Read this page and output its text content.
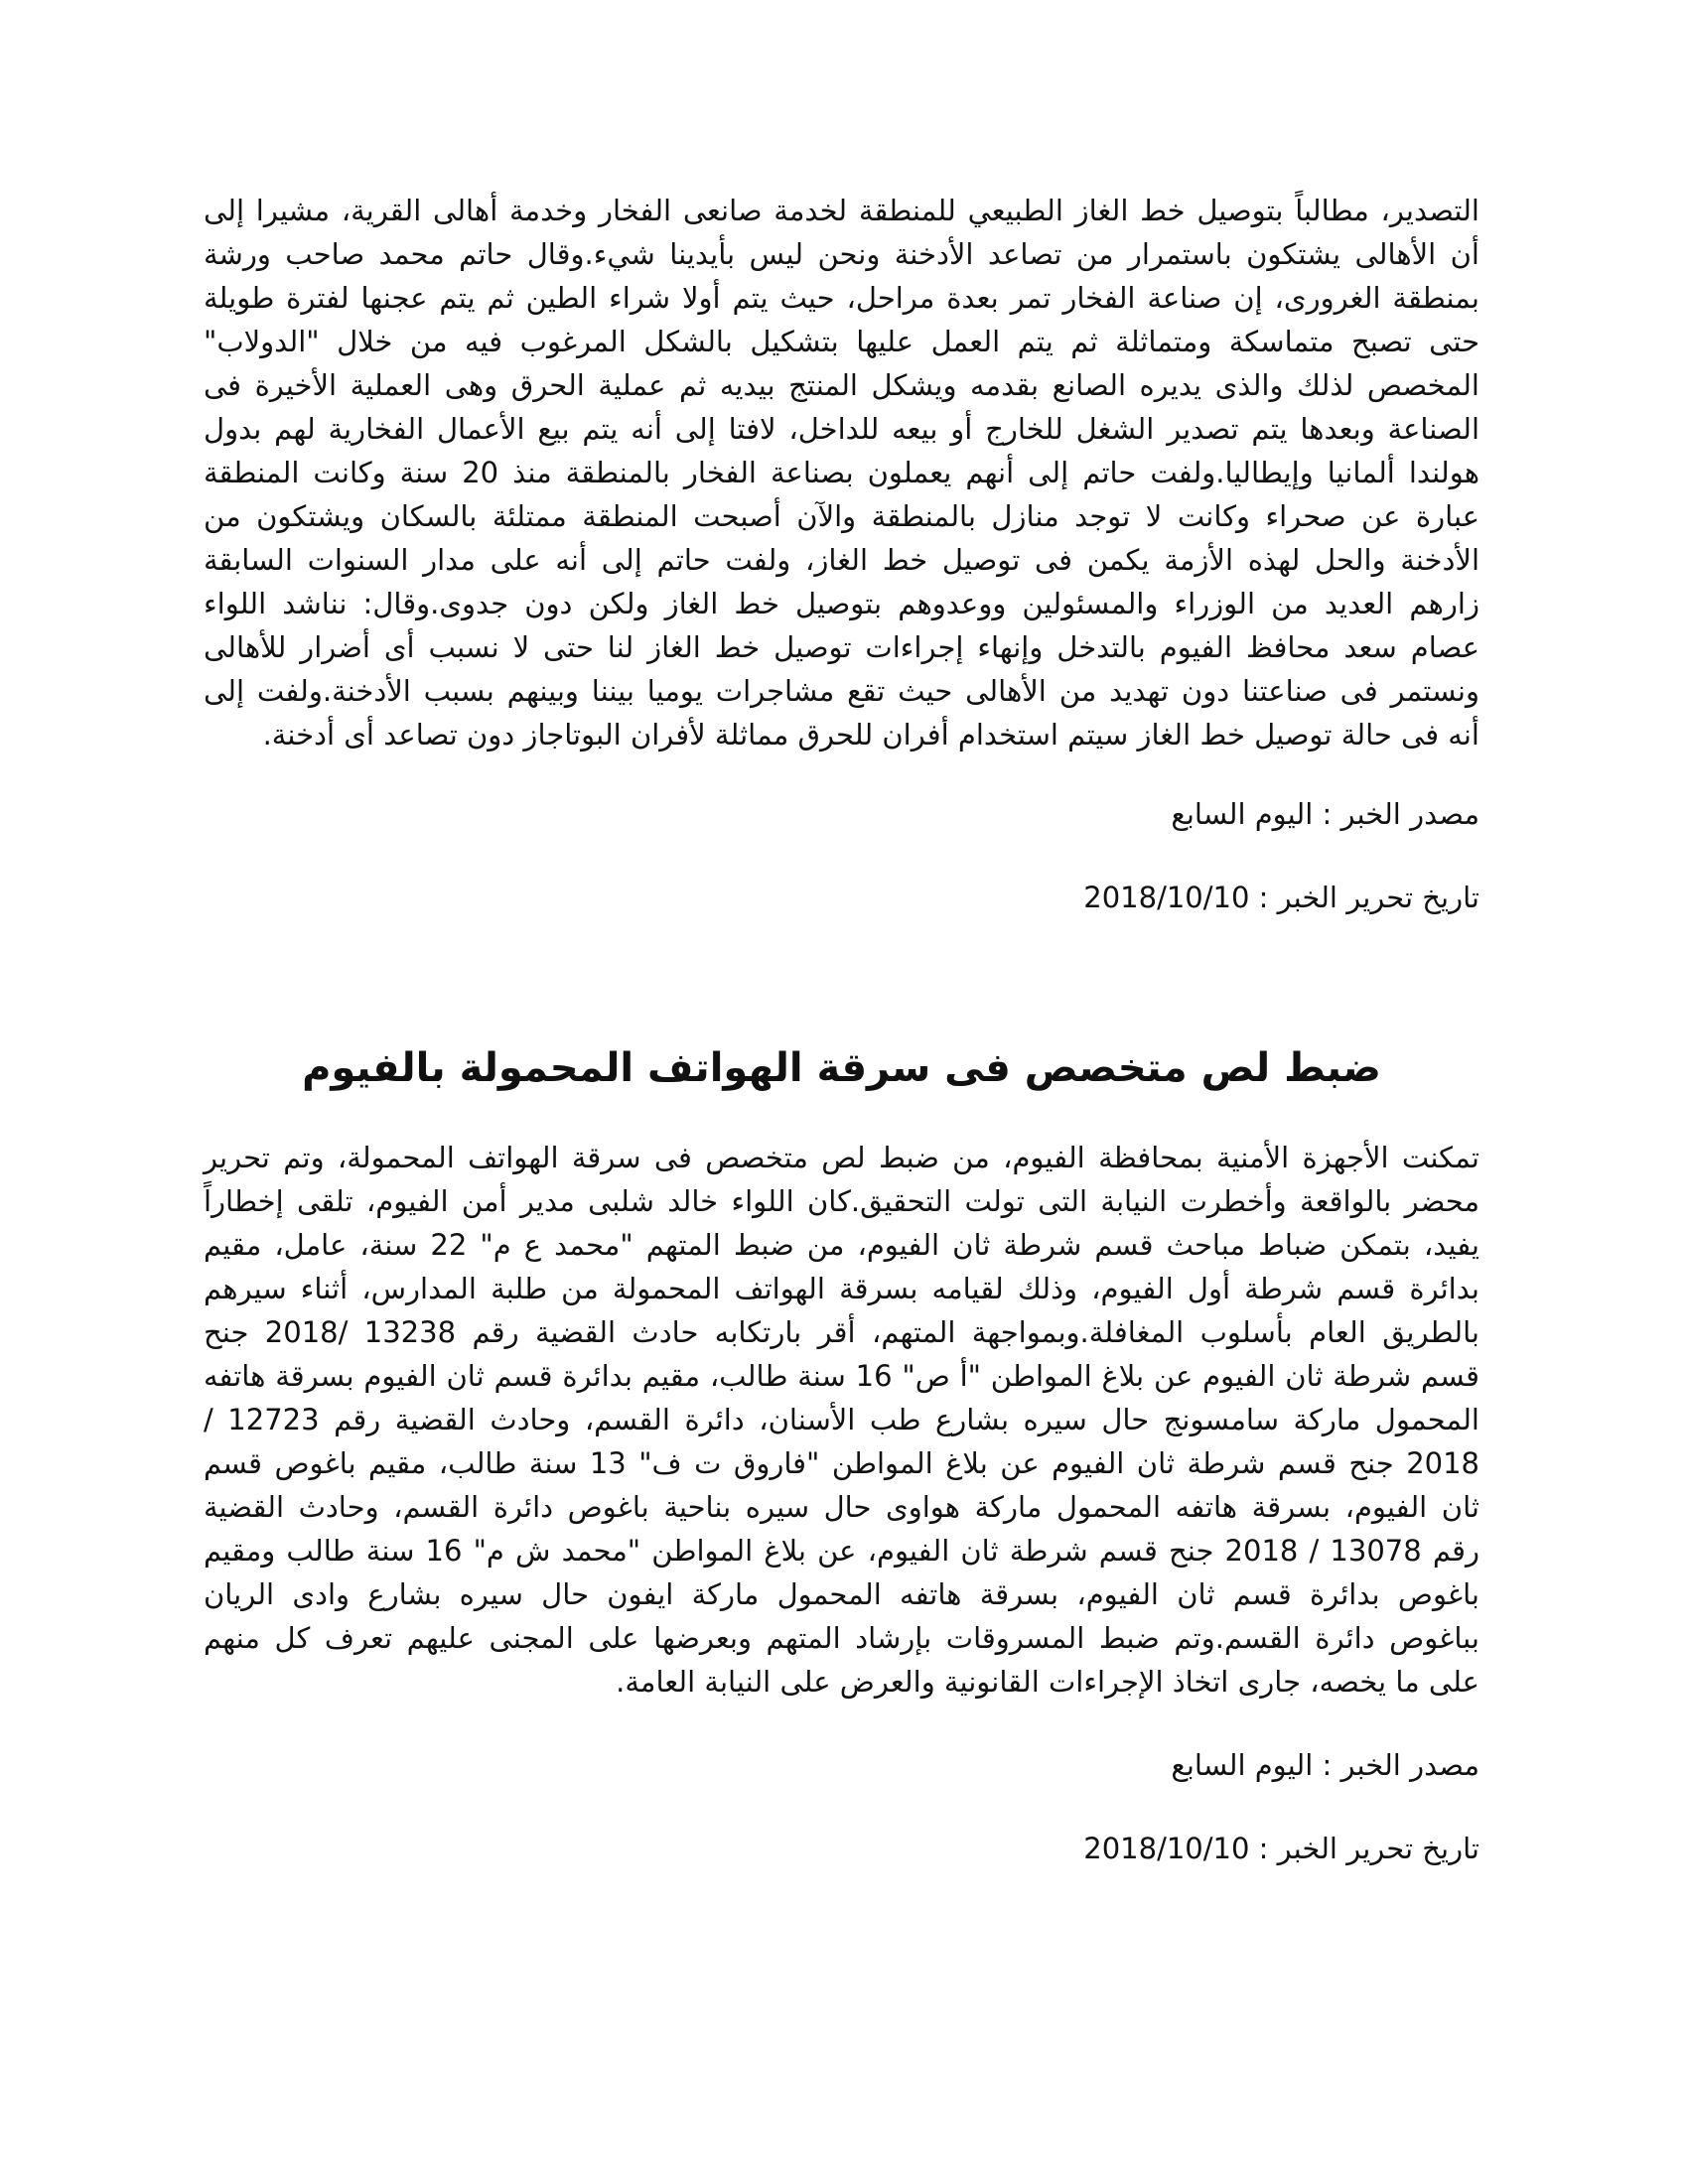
التصدير، مطالباً بتوصيل خط الغاز الطبيعي للمنطقة لخدمة صانعى الفخار وخدمة أهالى القرية، مشيرا إلى
أن الأهالى يشتكون باستمرار من تصاعد الأدخنة ونحن ليس بأيدينا شيء.وقال حاتم محمد صاحب ورشة
بمنطقة الغرورى، إن صناعة الفخار تمر بعدة مراحل، حيث يتم أولا شراء الطين ثم يتم عجنها لفترة طويلة
حتى تصبح متماسكة ومتماثلة ثم يتم العمل عليها بتشكيل بالشكل المرغوب فيه من خلال "الدولاب"
المخصص لذلك والذى يديره الصانع بقدمه ويشكل المنتج بيديه ثم عملية الحرق وهى العملية الأخيرة فى
الصناعة وبعدها يتم تصدير الشغل للخارج أو بيعه للداخل، لافتا إلى أنه يتم بيع الأعمال الفخارية لهم بدول
هولندا ألمانيا وإيطاليا.ولفت حاتم إلى أنهم يعملون بصناعة الفخار بالمنطقة منذ 20 سنة وكانت المنطقة
عبارة عن صحراء وكانت لا توجد منازل بالمنطقة والآن أصبحت المنطقة ممتلئة بالسكان ويشتكون من
الأدخنة والحل لهذه الأزمة يكمن فى توصيل خط الغاز، ولفت حاتم إلى أنه على مدار السنوات السابقة
زارهم العديد من الوزراء والمسئولين ووعدوهم بتوصيل خط الغاز ولكن دون جدوى.وقال: نناشد اللواء
عصام سعد محافظ الفيوم بالتدخل وإنهاء إجراءات توصيل خط الغاز لنا حتى لا نسبب أى أضرار للأهالى
ونستمر فى صناعتنا دون تهديد من الأهالى حيث تقع مشاجرات يوميا بيننا وبينهم بسبب الأدخنة.ولفت إلى
أنه فى حالة توصيل خط الغاز سيتم استخدام أفران للحرق مماثلة لأفران البوتاجاز دون تصاعد أى أدخنة.
مصدر الخبر : اليوم السابع
تاريخ تحرير الخبر : 2018/10/10
ضبط لص متخصص فى سرقة الهواتف المحمولة بالفيوم
تمكنت الأجهزة الأمنية بمحافظة الفيوم، من ضبط لص متخصص فى سرقة الهواتف المحمولة، وتم تحرير
محضر بالواقعة وأخطرت النيابة التى تولت التحقيق.كان اللواء خالد شلبى مدير أمن الفيوم، تلقى إخطاراً
يفيد، بتمكن ضباط مباحث قسم شرطة ثان الفيوم، من ضبط المتهم "محمد ع م" 22 سنة، عامل، مقيم
بدائرة قسم شرطة أول الفيوم، وذلك لقيامه بسرقة الهواتف المحمولة من طلبة المدارس، أثناء سيرهم
بالطريق العام بأسلوب المغافلة.وبمواجهة المتهم، أقر بارتكابه حادث القضية رقم 13238 /2018 جنح
قسم شرطة ثان الفيوم عن بلاغ المواطن "أ ص" 16 سنة طالب، مقيم بدائرة قسم ثان الفيوم بسرقة هاتفه
المحمول ماركة سامسونج حال سيره بشارع طب الأسنان، دائرة القسم، وحادث القضية رقم 12723 /
2018 جنح قسم شرطة ثان الفيوم عن بلاغ المواطن "فاروق ت ف" 13 سنة طالب، مقيم باغوص قسم
ثان الفيوم، بسرقة هاتفه المحمول ماركة هواوى حال سيره بناحية باغوص دائرة القسم، وحادث القضية
رقم 13078 / 2018 جنح قسم شرطة ثان الفيوم، عن بلاغ المواطن "محمد ش م" 16 سنة طالب ومقيم
باغوص بدائرة قسم ثان الفيوم، بسرقة هاتفه المحمول ماركة ايفون حال سيره بشارع وادى الريان
بباغوص دائرة القسم.وتم ضبط المسروقات بإرشاد المتهم وبعرضها على المجنى عليهم تعرف كل منهم
على ما يخصه، جارى اتخاذ الإجراءات القانونية والعرض على النيابة العامة.
مصدر الخبر : اليوم السابع
تاريخ تحرير الخبر : 2018/10/10
